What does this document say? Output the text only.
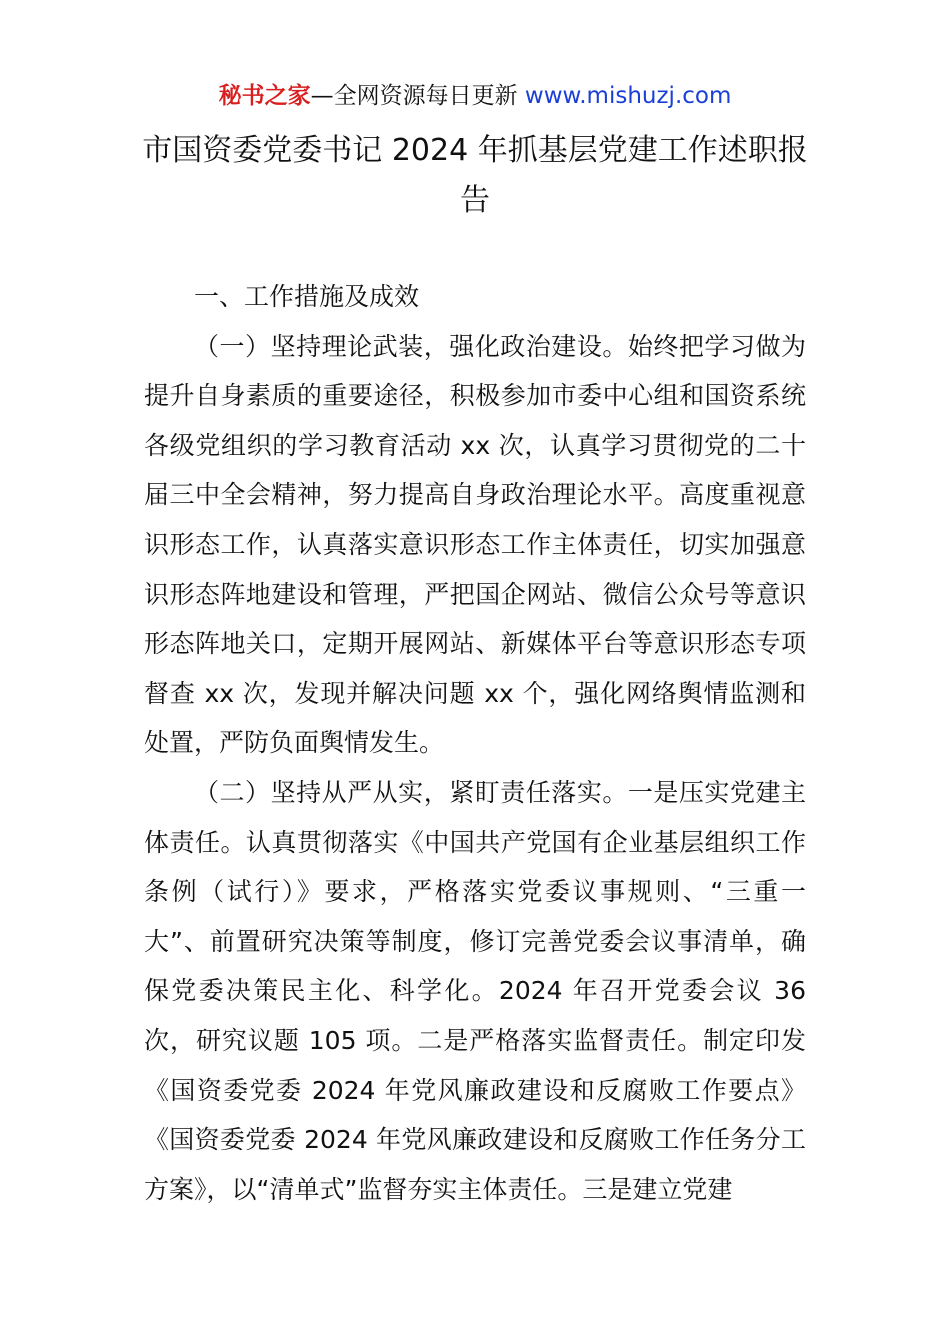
秘书之家—全网资源每日更新 www.mishuzj.com
市国资委党委书记 2024 年抓基层党建工作述职报告

一、工作措施及成效

（一）坚持理论武装，强化政治建设。始终把学习做为提升自身素质的重要途径，积极参加市委中心组和国资系统各级党组织的学习教育活动 xx 次，认真学习贯彻党的二十届三中全会精神，努力提高自身政治理论水平。高度重视意识形态工作，认真落实意识形态工作主体责任，切实加强意识形态阵地建设和管理，严把国企网站、微信公众号等意识形态阵地关口，定期开展网站、新媒体平台等意识形态专项督查 xx 次，发现并解决问题 xx 个，强化网络舆情监测和处置，严防负面舆情发生。

（二）坚持从严从实，紧盯责任落实。一是压实党建主体责任。认真贯彻落实《中国共产党国有企业基层组织工作条例（试行）》要求，严格落实党委议事规则、“三重一大”、前置研究决策等制度，修订完善党委会议事清单，确保党委决策民主化、科学化。2024 年召开党委会议 36 次，研究议题 105 项。二是严格落实监督责任。制定印发《国资委党委 2024 年党风廉政建设和反腐败工作要点》《国资委党委 2024 年党风廉政建设和反腐败工作任务分工方案》，以“清单式”监督夯实主体责任。三是建立党建
